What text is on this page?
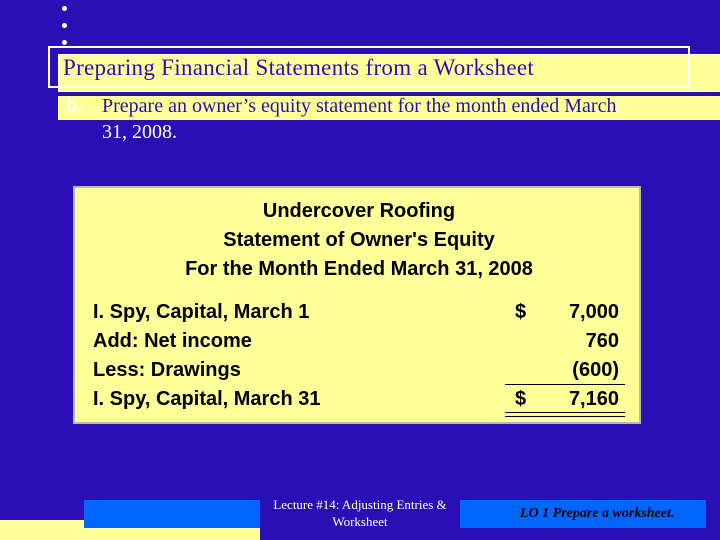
Preparing Financial Statements from a Worksheet
b. Prepare an owner’s equity statement for the month ended March
31, 2008.
Undercover Roofing
Statement of Owner's Equity
For the Month Ended March 31, 2008
I. Spy, Capital, March 1	$ 7,000
Add: Net income	760
Less: Drawings	(600)
I. Spy, Capital, March 31	$ 7,160
Lecture #14: Adjusting Entries & Worksheet
LO 1 Prepare a worksheet.
